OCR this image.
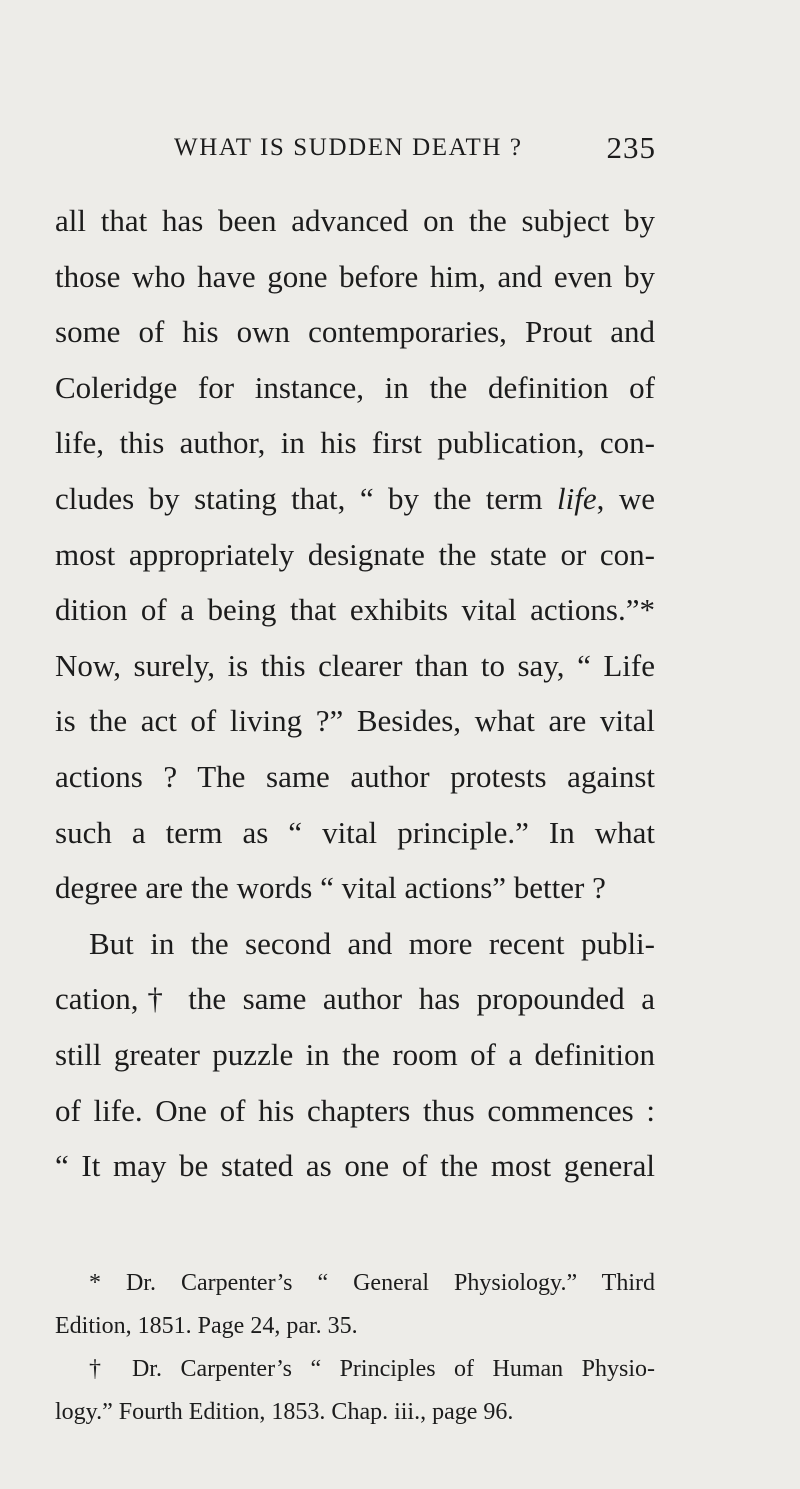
WHAT IS SUDDEN DEATH ?	235
all that has been advanced on the subject by
those who have gone before him, and even by
some of his own contemporaries, Prout and
Coleridge for instance, in the definition of
life, this author, in his first publication, con-
cludes by stating that, “ by the term life, we
most appropriately designate the state or con-
dition of a being that exhibits vital actions.”*
Now, surely, is this clearer than to say, “ Life
is the act of living ?” Besides, what are vital
actions ? The same author protests against
such a term as “ vital principle.” In what
degree are the words “ vital actions” better ?
But in the second and more recent publi-
cation,† the same author has propounded a
still greater puzzle in the room of a definition
of life. One of his chapters thus commences :
“ It may be stated as one of the most general
* Dr. Carpenter’s “ General Physiology.” Third
Edition, 1851. Page 24, par. 35.
† Dr. Carpenter’s “ Principles of Human Physio-
logy.” Fourth Edition, 1853. Chap. iii., page 96.
